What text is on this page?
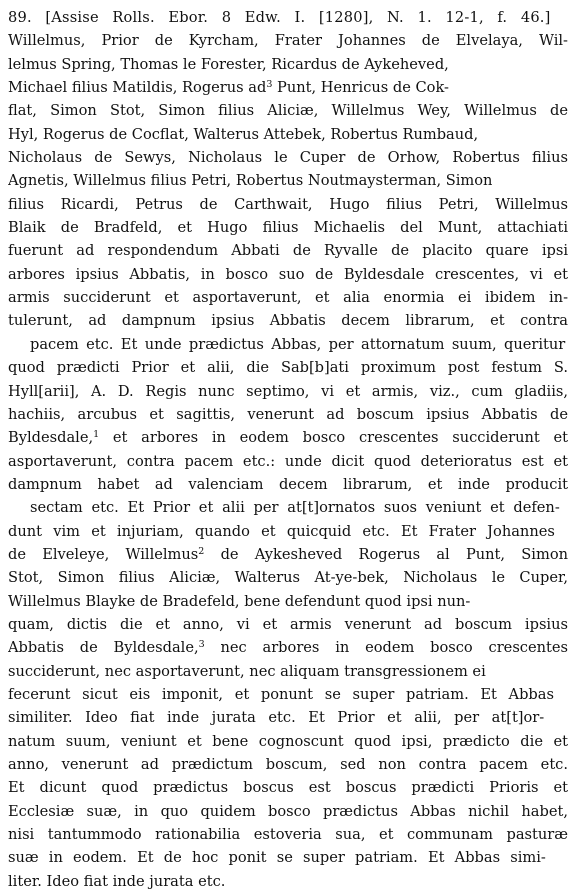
89. [Assise Rolls. Ebor. 8 Edw. I. [1280], N. 1. 12-1, f. 46.]
Willelmus, Prior de Kyrcham, Frater Johannes de Elvelaya, Wil-
lelmus Spring, Thomas le Forester, Ricardus de Aykeheved,
Michael filius Matildis, Rogerus ad$^3$ Punt, Henricus de Cok-
flat, Simon Stot, Simon filius Aliciæ, Willelmus Wey, Willelmus de
Hyl, Rogerus de Cocflat, Walterus Attebek, Robertus Rumbaud,
Nicholaus de Sewys, Nicholaus le Cuper de Orhow, Robertus filius
Agnetis, Willelmus filius Petri, Robertus Noutmaysterman, Simon
filius Ricardi, Petrus de Carthwait, Hugo filius Petri, Willelmus
Blaik de Bradfeld, et Hugo filius Michaelis del Munt, attachiati
fuerunt ad respondendum Abbati de Ryvalle de placito quare ipsi
arbores ipsius Abbatis, in bosco suo de Byldesdale crescentes, vi et
armis succiderunt et asportaverunt, et alia enormia ei ibidem in-
tulerunt, ad dampnum ipsius Abbatis decem librarum, et contra
pacem etc. Et unde prædictus Abbas, per attornatum suum, queritur
quod prædicti Prior et alii, die Sab[b]ati proximum post festum S.
Hyll[arii], A. D. Regis nunc septimo, vi et armis, viz., cum gladiis,
hachiis, arcubus et sagittis, venerunt ad boscum ipsius Abbatis de
Byldesdale,$^1$ et arbores in eodem bosco crescentes succiderunt et
asportaverunt, contra pacem etc.: unde dicit quod deterioratus est et
dampnum habet ad valenciam decem librarum, et inde producit
sectam etc. Et Prior et alii per at[t]ornatos suos veniunt et defen-
dunt vim et injuriam, quando et quicquid etc. Et Frater Johannes
de Elveleye, Willelmus$^2$ de Aykesheved Rogerus al Punt, Simon
Stot, Simon filius Aliciæ, Walterus At-ye-bek, Nicholaus le Cuper,
Willelmus Blayke de Bradefeld, bene defendunt quod ipsi nun-
quam, dictis die et anno, vi et armis venerunt ad boscum ipsius
Abbatis de Byldesdale,$^3$ nec arbores in eodem bosco crescentes
succiderunt, nec asportaverunt, nec aliquam transgressionem ei
fecerunt sicut eis imponit, et ponunt se super patriam. Et Abbas
similiter. Ideo fiat inde jurata etc. Et Prior et alii, per at[t]or-
natum suum, veniunt et bene cognoscunt quod ipsi, prædicto die et
anno, venerunt ad prædictum boscum, sed non contra pacem etc.
Et dicunt quod prædictus boscus est boscus prædicti Prioris et
Ecclesiæ suæ, in quo quidem bosco prædictus Abbas nichil habet,
nisi tantummodo rationabilia estoveria sua, et communam pasturæ
suæ in eodem. Et de hoc ponit se super patriam. Et Abbas simi-
liter. Ideo fiat inde jurata etc.
